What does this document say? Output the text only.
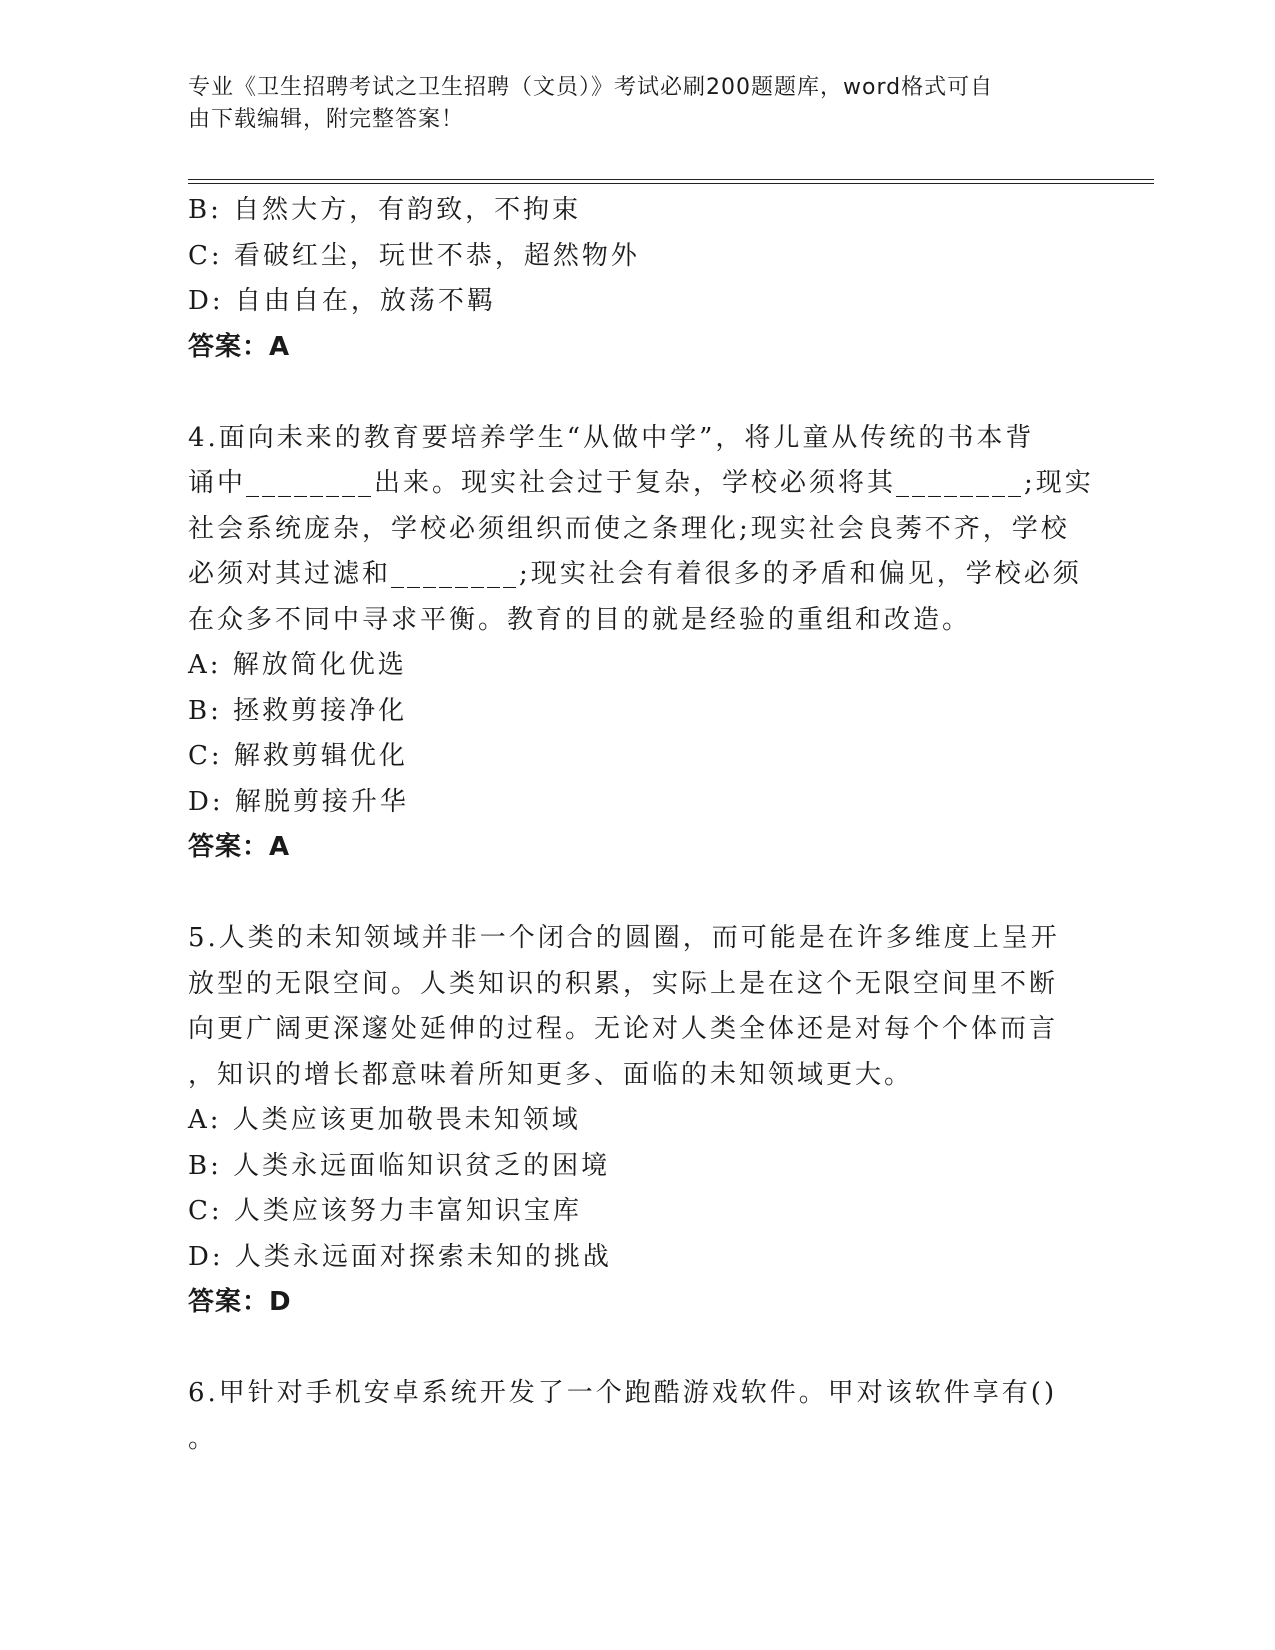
专业《卫生招聘考试之卫生招聘（文员）》考试必刷200题题库，word格式可自
由下载编辑，附完整答案！
B: 自然大方，有韵致，不拘束
C: 看破红尘，玩世不恭，超然物外
D: 自由自在，放荡不羁
答案：A
4.面向未来的教育要培养学生“从做中学”，将儿童从传统的书本背
诵中________出来。现实社会过于复杂，学校必须将其________;现实
社会系统庞杂，学校必须组织而使之条理化;现实社会良莠不齐，学校
必须对其过滤和________;现实社会有着很多的矛盾和偏见，学校必须
在众多不同中寻求平衡。教育的目的就是经验的重组和改造。
A: 解放简化优选
B: 拯救剪接净化
C: 解救剪辑优化
D: 解脱剪接升华
答案：A
5.人类的未知领域并非一个闭合的圆圈，而可能是在许多维度上呈开
放型的无限空间。人类知识的积累，实际上是在这个无限空间里不断
向更广阔更深邃处延伸的过程。无论对人类全体还是对每个个体而言
，知识的增长都意味着所知更多、面临的未知领域更大。
A: 人类应该更加敬畏未知领域
B: 人类永远面临知识贫乏的困境
C: 人类应该努力丰富知识宝库
D: 人类永远面对探索未知的挑战
答案：D
6.甲针对手机安卓系统开发了一个跑酷游戏软件。甲对该软件享有()
。
